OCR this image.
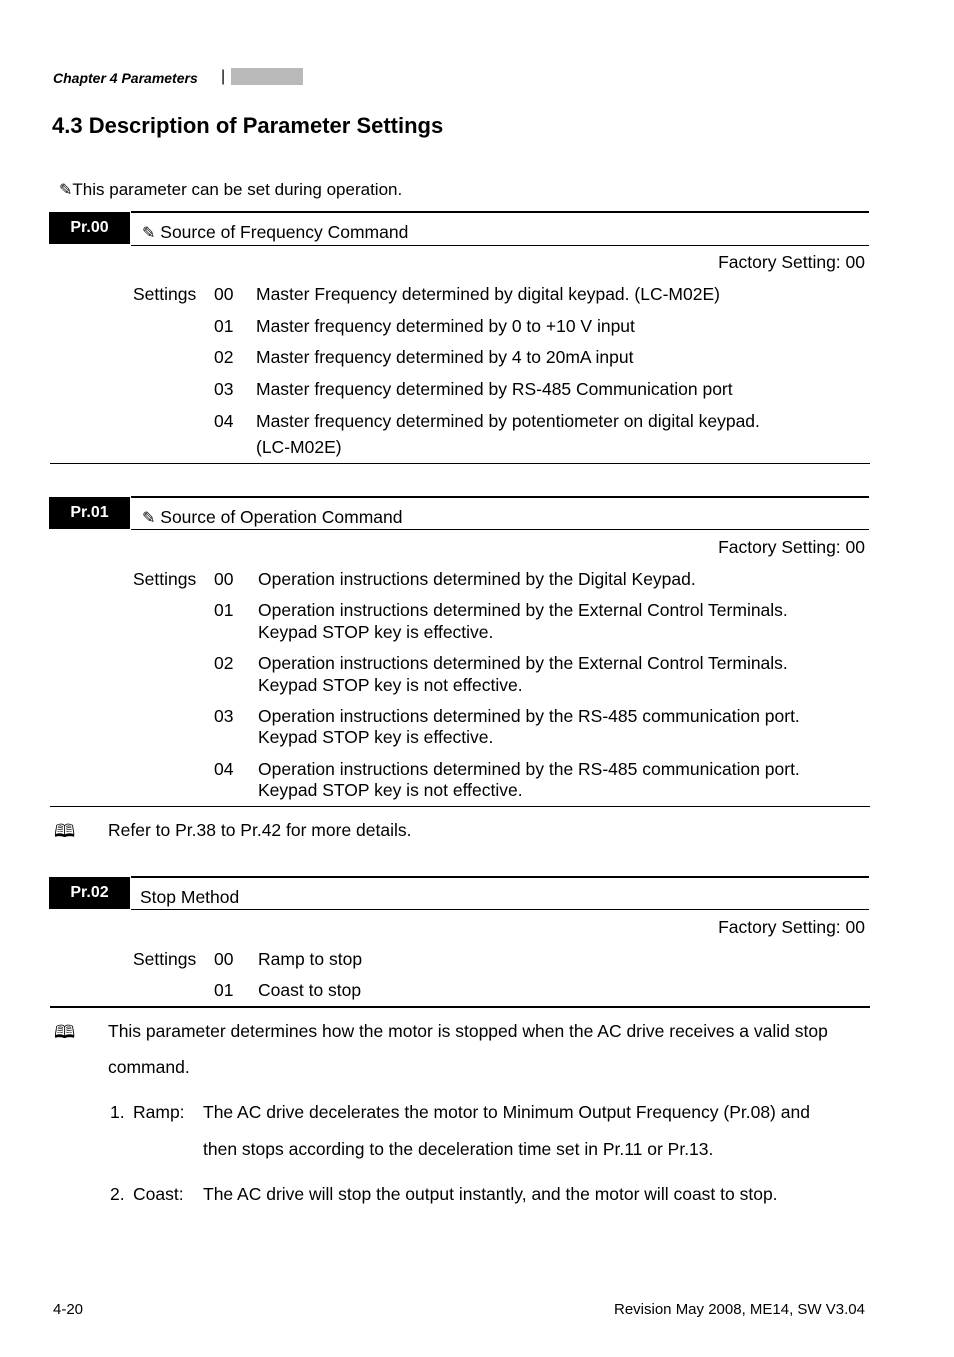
Chapter 4 Parameters |
4.3 Description of Parameter Settings
✎This parameter can be set during operation.
Pr.00	✎ Source of Frequency Command
Factory Setting: 00
Settings 00 Master Frequency determined by digital keypad. (LC-M02E)
01 Master frequency determined by 0 to +10 V input
02 Master frequency determined by 4 to 20mA input
03 Master frequency determined by RS-485 Communication port
04 Master frequency determined by potentiometer on digital keypad.
(LC-M02E)
Pr.01	✎ Source of Operation Command
Factory Setting: 00
Settings 00 Operation instructions determined by the Digital Keypad.
01 Operation instructions determined by the External Control Terminals.
Keypad STOP key is effective.
02 Operation instructions determined by the External Control Terminals.
Keypad STOP key is not effective.
03 Operation instructions determined by the RS-485 communication port.
Keypad STOP key is effective.
04 Operation instructions determined by the RS-485 communication port.
Keypad STOP key is not effective.
🕮 Refer to Pr.38 to Pr.42 for more details.
Pr.02	Stop Method
Factory Setting: 00
Settings 00 Ramp to stop
01 Coast to stop
🕮 This parameter determines how the motor is stopped when the AC drive receives a valid stop
command.
1. Ramp: The AC drive decelerates the motor to Minimum Output Frequency (Pr.08) and
then stops according to the deceleration time set in Pr.11 or Pr.13.
2. Coast: The AC drive will stop the output instantly, and the motor will coast to stop.
4-20	Revision May 2008, ME14, SW V3.04
